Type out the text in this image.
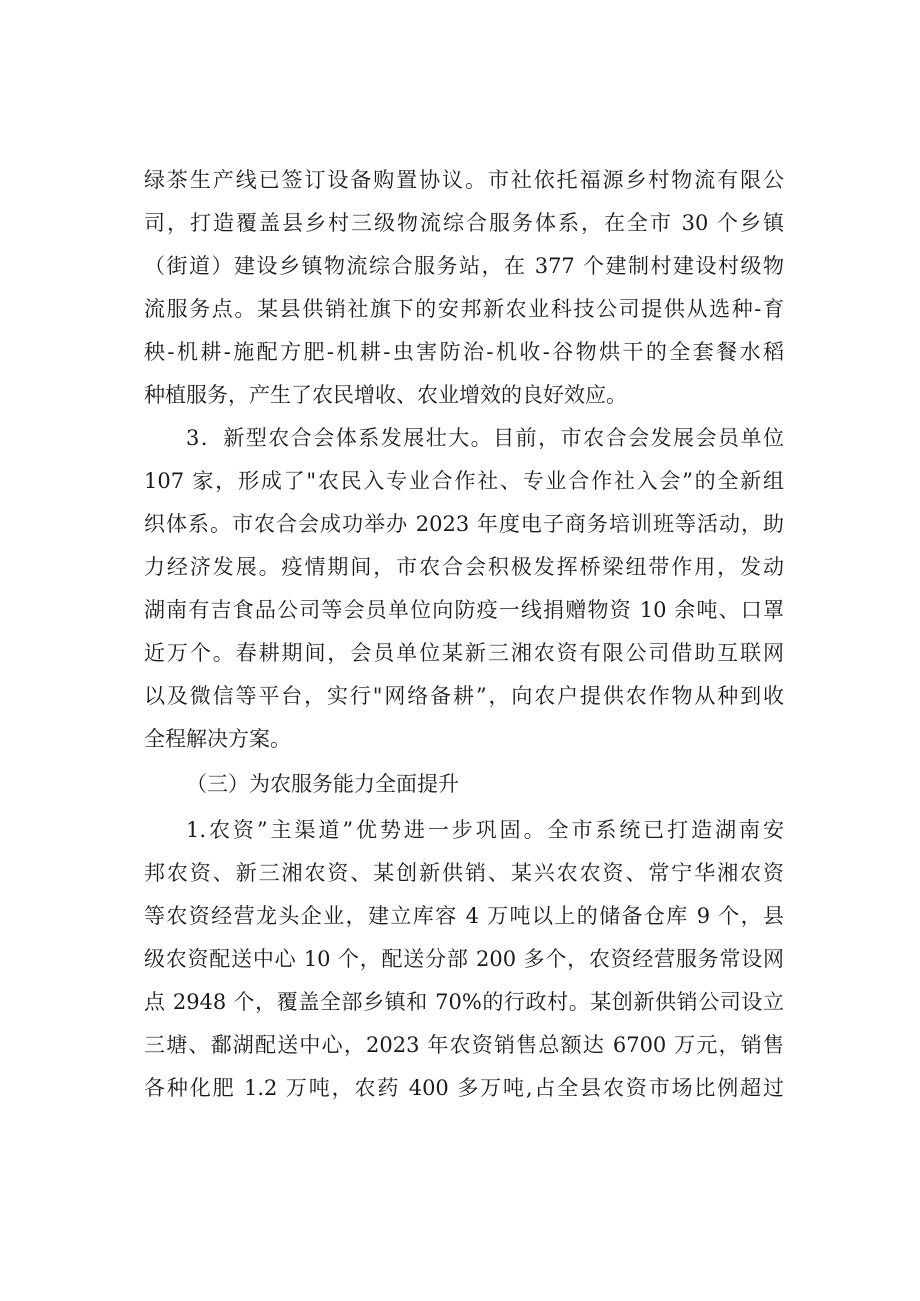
绿茶生产线已签订设备购置协议。市社依托福源乡村物流有限公
司，打造覆盖县乡村三级物流综合服务体系，在全市 30 个乡镇
（街道）建设乡镇物流综合服务站，在 377 个建制村建设村级物
流服务点。某县供销社旗下的安邦新农业科技公司提供从选种-育
秧-机耕-施配方肥-机耕-虫害防治-机收-谷物烘干的全套餐水稻
种植服务，产生了农民增收、农业增效的良好效应。
3．新型农合会体系发展壮大。目前，市农合会发展会员单位
107 家，形成了"农民入专业合作社、专业合作社入会”的全新组
织体系。市农合会成功举办 2023 年度电子商务培训班等活动，助
力经济发展。疫情期间，市农合会积极发挥桥梁纽带作用，发动
湖南有吉食品公司等会员单位向防疫一线捐赠物资 10 余吨、口罩
近万个。春耕期间，会员单位某新三湘农资有限公司借助互联网
以及微信等平台，实行"网络备耕”，向农户提供农作物从种到收
全程解决方案。
（三）为农服务能力全面提升
1.农资”主渠道”优势进一步巩固。全市系统已打造湖南安
邦农资、新三湘农资、某创新供销、某兴农农资、常宁华湘农资
等农资经营龙头企业，建立库容 4 万吨以上的储备仓库 9 个，县
级农资配送中心 10 个，配送分部 200 多个，农资经营服务常设网
点 2948 个，覆盖全部乡镇和 70%的行政村。某创新供销公司设立
三塘、鄱湖配送中心，2023 年农资销售总额达 6700 万元，销售
各种化肥 1.2 万吨，农药 400 多万吨,占全县农资市场比例超过
